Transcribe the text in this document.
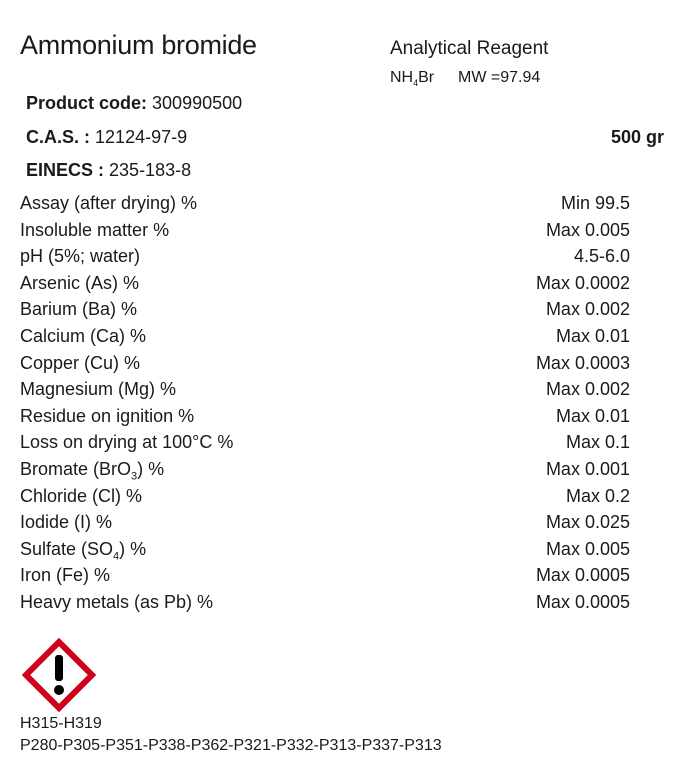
Ammonium bromide	Analytical Reagent
$NH_4Br$ MW =97.94
Product code: 300990500
C.A.S. : 12124-97-9
EINECS : 235-183-8
500 gr
Assay (after drying) %	Min 99.5
Insoluble matter %	Max 0.005
pH (5%; water)	4.5-6.0
Arsenic (As) %	Max 0.0002
Barium (Ba) %	Max 0.002
Calcium (Ca) %	Max 0.01
Copper (Cu) %	Max 0.0003
Magnesium (Mg) %	Max 0.002
Residue on ignition %	Max 0.01
Loss on drying at 100°C %	Max 0.1
Bromate (BrO$_3$) %	Max 0.001
Chloride (Cl) %	Max 0.2
Iodide (I) %	Max 0.025
Sulfate $(SO_4)$ %	Max 0.005
Iron (Fe) %	Max 0.0005
Heavy metals (as Pb) %	Max 0.0005
H315-H319
P280-P305-P351-P338-P362-P321-P332-P313-P337-P313
